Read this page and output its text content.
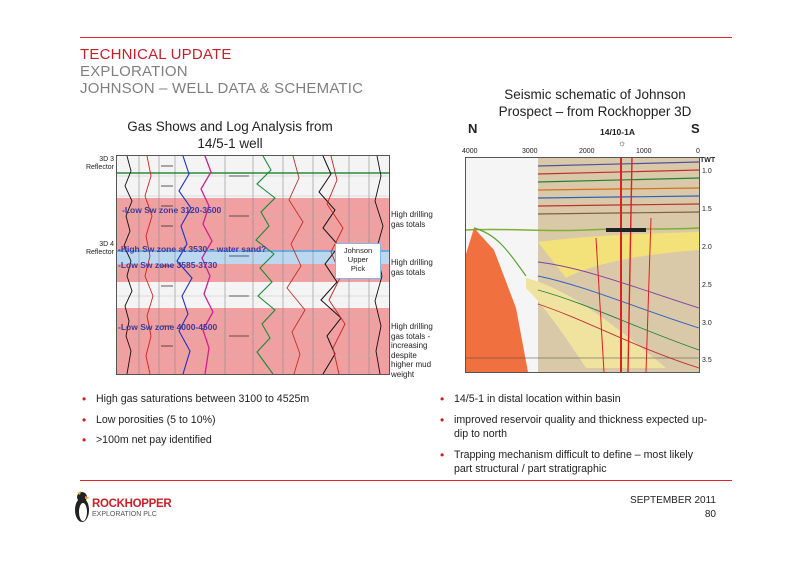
TECHNICAL UPDATE
EXPLORATION
JOHNSON – WELL DATA & SCHEMATIC
Gas Shows and Log Analysis from
14/5-1 well
Seismic schematic of Johnson
Prospect – from Rockhopper 3D
3D 3
Reflector
3D 4
Reflector
-Low Sw zone 3120-3500
-High Sw zone at 3530 – water sand?
-Low Sw zone 3585-3730
-Low Sw zone 4000-4500
Johnson
Upper
Pick
High drilling
gas totals
High drilling
gas totals
High drilling
gas totals -
increasing
despite
higher mud
weight
N	S
14/10-1A
☼
4000	3000	2000	1000	0
TWT
1.0
1.5
2.0
2.5
3.0
3.5
• High gas saturations between 3100 to 4525m
• Low porosities (5 to 10%)
• >100m net pay identified
• 14/5-1 in distal location within basin
• improved reservoir quality and thickness expected up-
dip to north
• Trapping mechanism difficult to define – most likely
part structural / part stratigraphic
ROCKHOPPER
EXPLORATION PLC
SEPTEMBER 2011
80
